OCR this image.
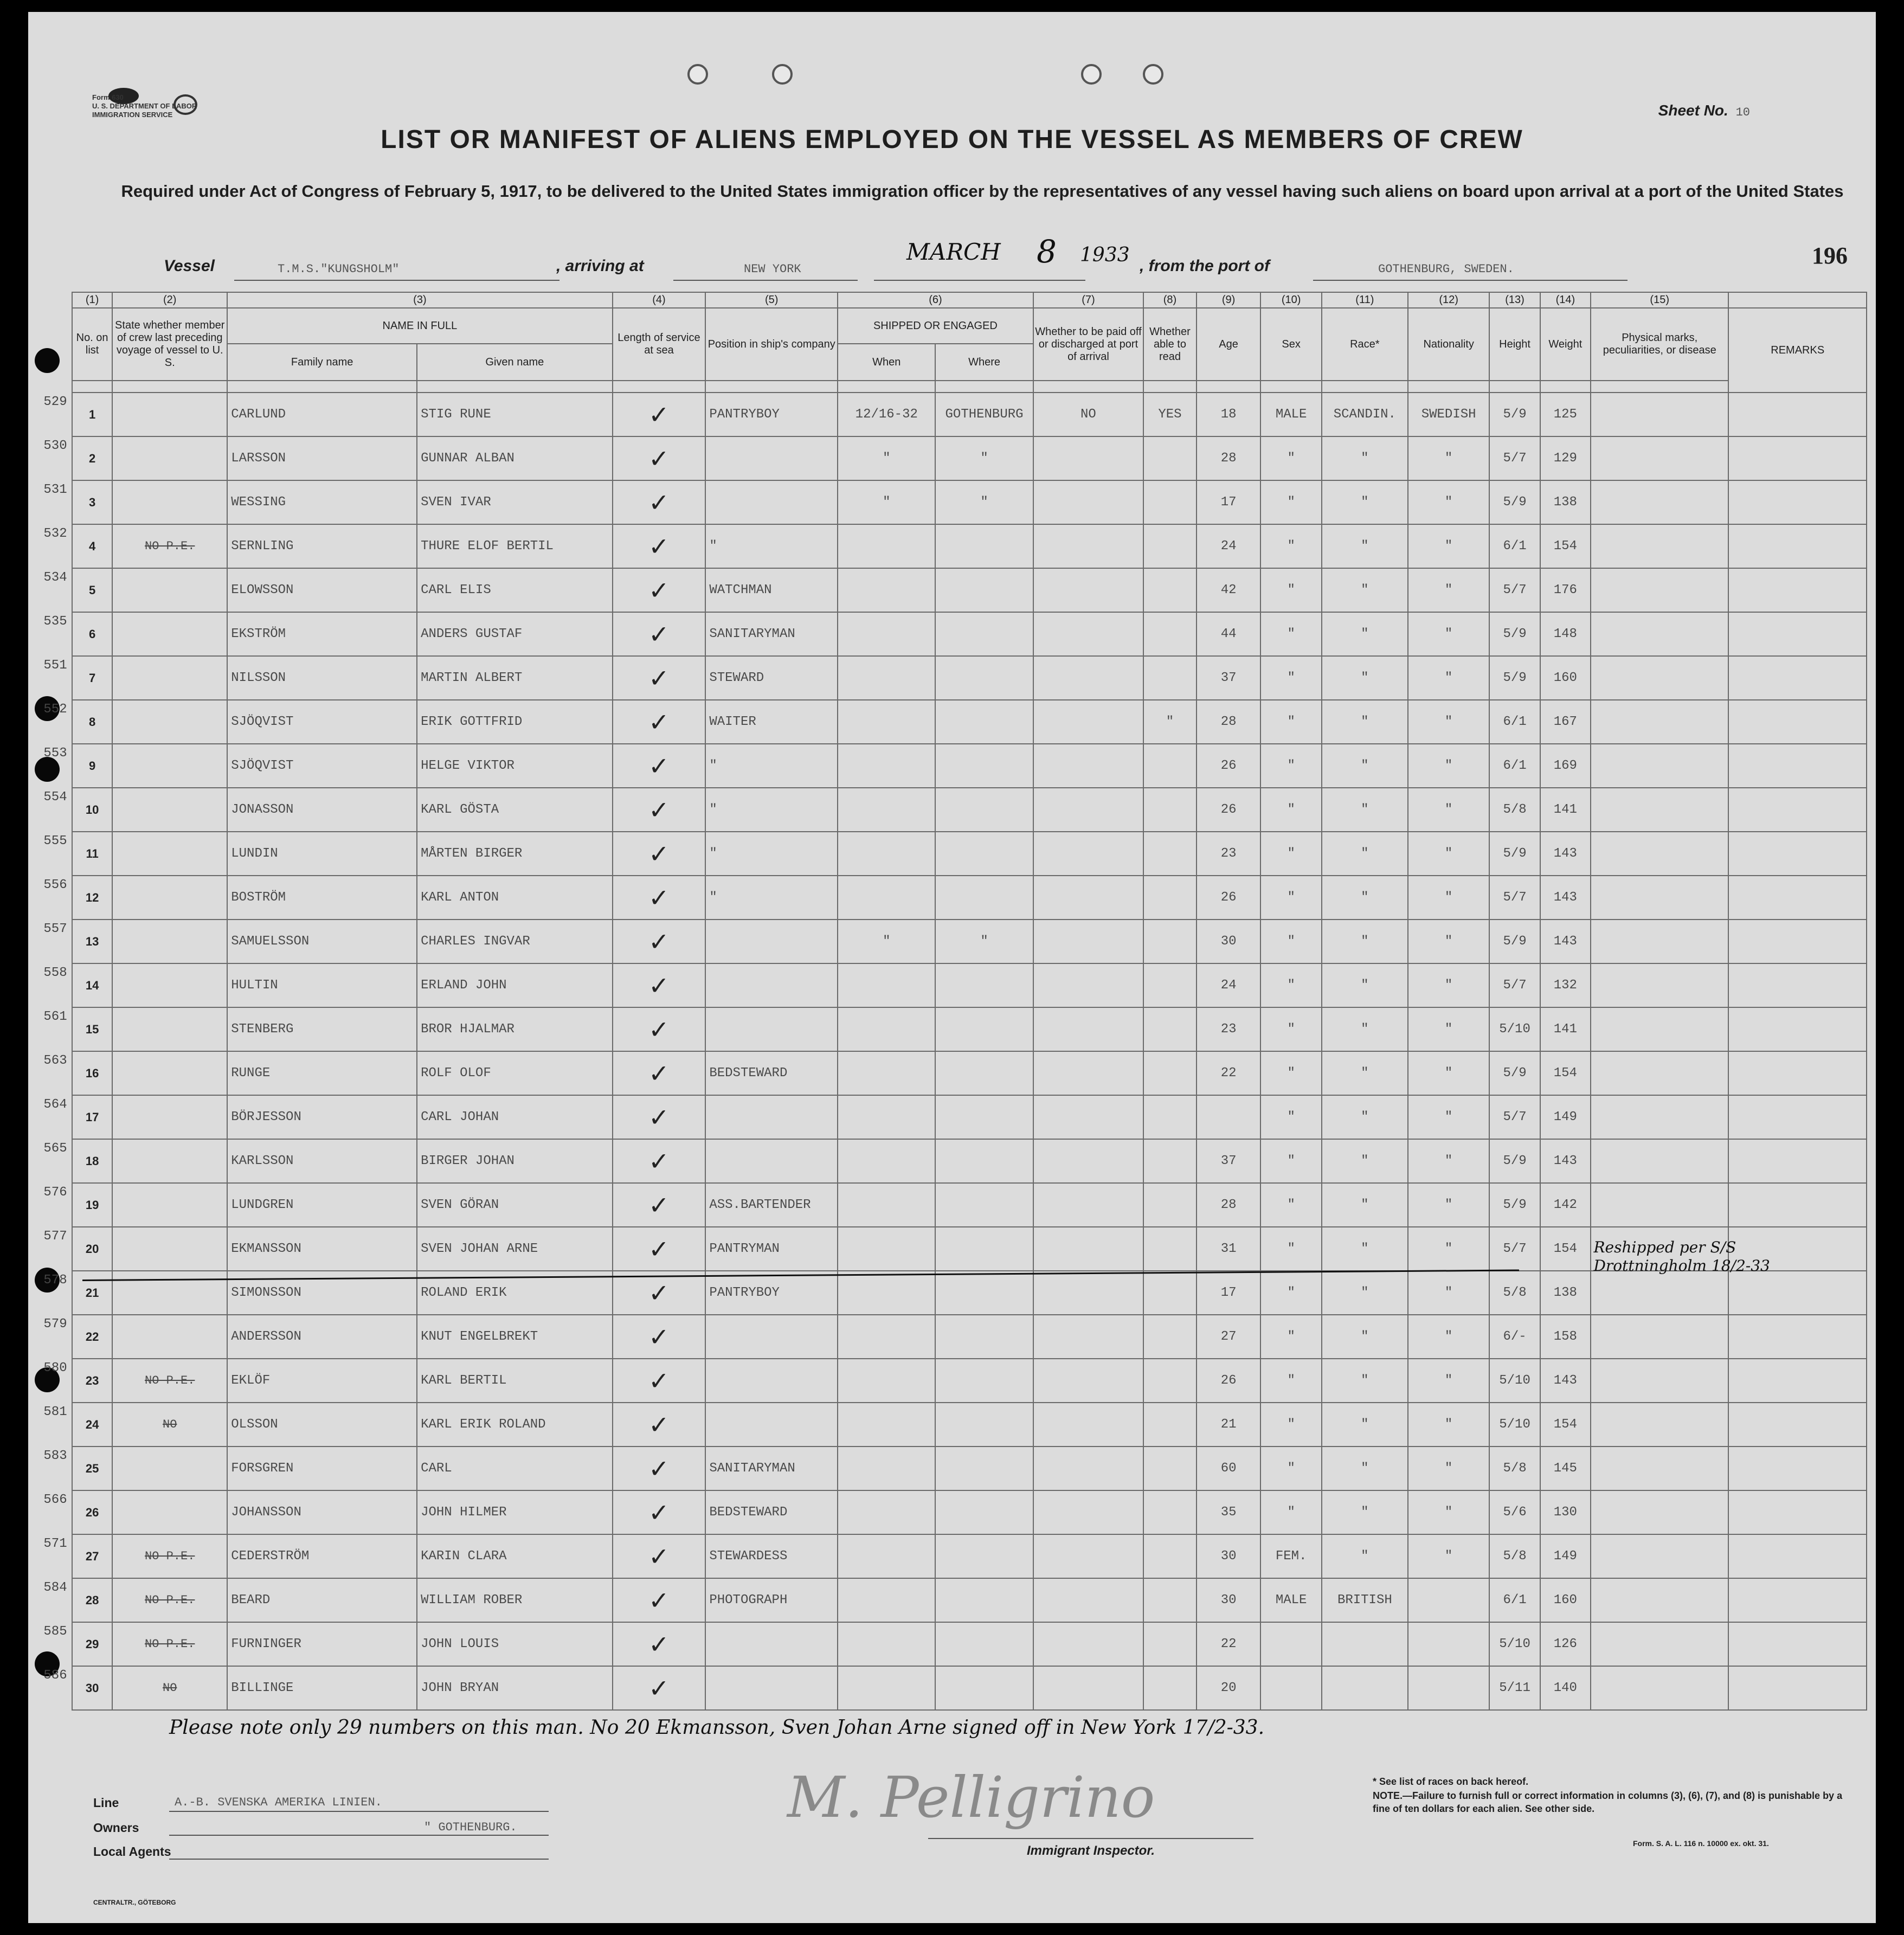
Form 630
U. S. DEPARTMENT OF LABOR
IMMIGRATION SERVICE	Sheet No. 10
LIST OR MANIFEST OF ALIENS EMPLOYED ON THE VESSEL AS MEMBERS OF CREW
Required under Act of Congress of February 5, 1917, to be delivered to the United States immigration officer by the representatives of any vessel having such aliens on board upon arrival at a port of the United States
Vessel	T.M.S."KUNGSHOLM"	, arriving at	NEW YORK
MARCH 8 1933 , from the port of	GOTHENBURG, SWEDEN.
196
(1)	(2)	(3)		(4)	(5)	(6)		(7)	(8)	(9)	(10)	(11)	(12)	(13)	(14)	(15)	
No. on list	State whether member of crew last preceding voyage of vessel to U. S.	NAME IN FULL		Length of service at sea	Position in ship's company	SHIPPED OR ENGAGED		Whether to be paid off or discharged at port of arrival	Whether able to read	Age	Sex	Race*	Nationality	Height	Weight	Physical marks, peculiarities, or disease	REMARKS
		Family name	Given name			When	Where										

1		CARLUND	STIG RUNE	✓	PANTRYBOY	12/16-32	GOTHENBURG	NO	YES	18	MALE	SCANDIN.	SWEDISH	5/9	125		
2		LARSSON	GUNNAR ALBAN	✓		"	"			28	"	"	"	5/7	129		
3		WESSING	SVEN IVAR	✓		"	"			17	"	"	"	5/9	138		
4	NO P.E.	SERNLING	THURE ELOF BERTIL	✓	"					24	"	"	"	6/1	154		
5		ELOWSSON	CARL ELIS	✓	WATCHMAN					42	"	"	"	5/7	176		
6		EKSTRÖM	ANDERS GUSTAF	✓	SANITARYMAN					44	"	"	"	5/9	148		
7		NILSSON	MARTIN ALBERT	✓	STEWARD					37	"	"	"	5/9	160		
8		SJÖQVIST	ERIK GOTTFRID	✓	WAITER				"	28	"	"	"	6/1	167		
9		SJÖQVIST	HELGE VIKTOR	✓	"					26	"	"	"	6/1	169		
10		JONASSON	KARL GÖSTA	✓	"					26	"	"	"	5/8	141		
11		LUNDIN	MÅRTEN BIRGER	✓	"					23	"	"	"	5/9	143		
12		BOSTRÖM	KARL ANTON	✓	"					26	"	"	"	5/7	143		
13		SAMUELSSON	CHARLES INGVAR	✓		"	"			30	"	"	"	5/9	143		
14		HULTIN	ERLAND JOHN	✓						24	"	"	"	5/7	132		
15		STENBERG	BROR HJALMAR	✓						23	"	"	"	5/10	141		
16		RUNGE	ROLF OLOF	✓	BEDSTEWARD					22	"	"	"	5/9	154		
17		BÖRJESSON	CARL JOHAN	✓							"	"	"	5/7	149		
18		KARLSSON	BIRGER JOHAN	✓						37	"	"	"	5/9	143		
19		LUNDGREN	SVEN GÖRAN	✓	ASS.BARTENDER					28	"	"	"	5/9	142		
20		EKMANSSON	SVEN JOHAN ARNE	✓	PANTRYMAN					31	"	"	"	5/7	154		Reshipped per S/S
Drottningholm 18/2-33

21		SIMONSSON	ROLAND ERIK	✓	PANTRYBOY					17	"	"	"	5/8	138		
22		ANDERSSON	KNUT ENGELBREKT	✓						27	"	"	"	6/-	158		
23	NO P.E.	EKLÖF	KARL BERTIL	✓						26	"	"	"	5/10	143		
24	NO	OLSSON	KARL ERIK ROLAND	✓						21	"	"	"	5/10	154		
25		FORSGREN	CARL	✓	SANITARYMAN					60	"	"	"	5/8	145		
26		JOHANSSON	JOHN HILMER	✓	BEDSTEWARD					35	"	"	"	5/6	130		
27	NO P.E.	CEDERSTRÖM	KARIN CLARA	✓	STEWARDESS					30	FEM.	"	"	5/8	149		
28	NO P.E.	BEARD	WILLIAM ROBER	✓	PHOTOGRAPH					30	MALE	BRITISH		6/1	160		
29	NO P.E.	FURNINGER	JOHN LOUIS	✓						22				5/10	126		
30	NO	BILLINGE	JOHN BRYAN	✓						20				5/11	140		
Please note only 29 numbers on this man. No 20 Ekmansson, Sven Johan Arne signed off in New York 17/2-33.
Line	A.-B. SVENSKA AMERIKA LINIEN.
Owners	" GOTHENBURG.
Local Agents
CENTRALTR., GÖTEBORG
M. Pelligrino
Immigrant Inspector.
* See list of races on back hereof.
NOTE.—Failure to furnish full or correct information in columns (3), (6), (7), and (8) is punishable by a fine of ten dollars for each alien. See other side.
Form. S. A. L. 116 n. 10000 ex. okt. 31.
529
530
531
532
534
535
551
552
553
554
555
556
557
558
561
563
564
565
576
577
578
579
580
581
583
566
571
584
585
586
